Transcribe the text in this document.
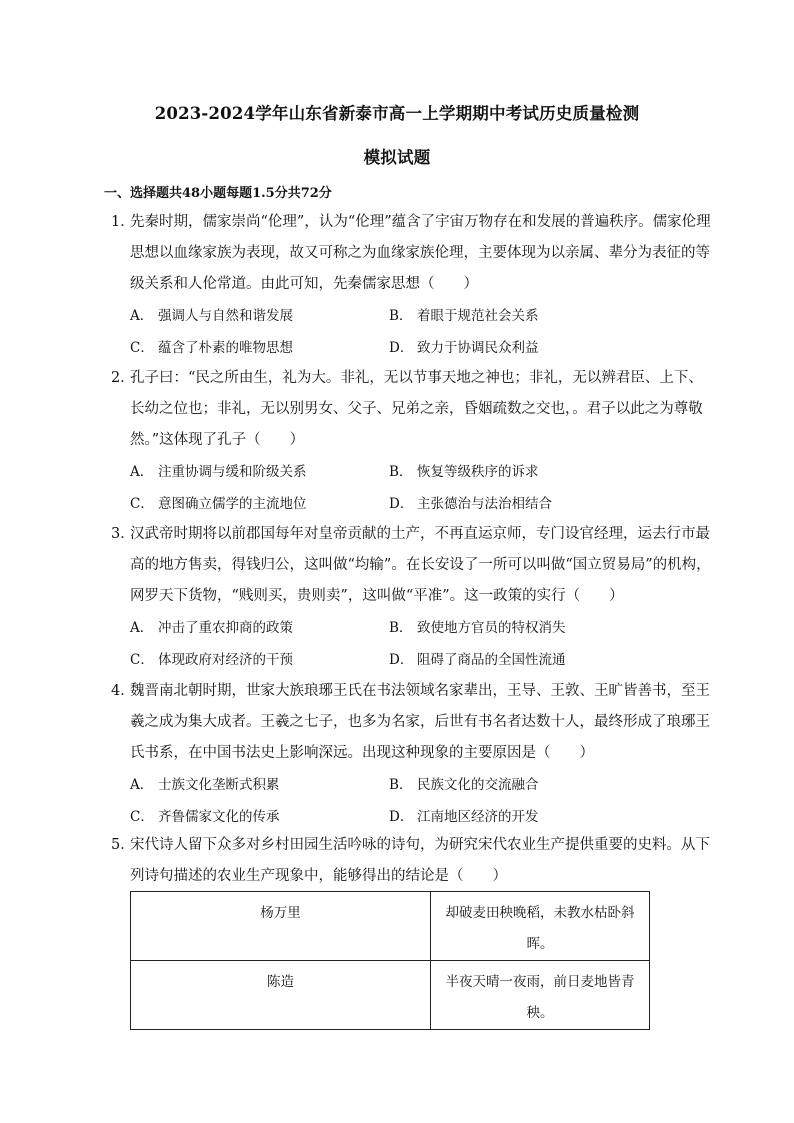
2023-2024学年山东省新泰市高一上学期期中考试历史质量检测
模拟试题
一、选择题共48小题每题1.5分共72分
1．先秦时期，儒家崇尚“伦理”，认为“伦理”蕴含了宇宙万物存在和发展的普遍秩序。儒家伦理
思想以血缘家族为表现，故又可称之为血缘家族伦理，主要体现为以亲属、辈分为表征的等
级关系和人伦常道。由此可知，先秦儒家思想（　　）
A． 强调人与自然和谐发展	B． 着眼于规范社会关系
C． 蕴含了朴素的唯物思想	D． 致力于协调民众利益
2．孔子曰：“民之所由生，礼为大。非礼，无以节事天地之神也；非礼，无以辨君臣、上下、
长幼之位也；非礼，无以别男女、父子、兄弟之亲，昏姻疏数之交也，。君子以此之为尊敬
然。”这体现了孔子（　　）
A． 注重协调与缓和阶级关系	B． 恢复等级秩序的诉求
C． 意图确立儒学的主流地位	D． 主张德治与法治相结合
3．汉武帝时期将以前郡国每年对皇帝贡献的土产，不再直运京师，专门设官经理，运去行市最
高的地方售卖，得钱归公，这叫做“均输”。在长安设了一所可以叫做“国立贸易局”的机构，
网罗天下货物，“贱则买，贵则卖”，这叫做“平准”。这一政策的实行（　　）
A． 冲击了重农抑商的政策	B． 致使地方官员的特权消失
C． 体现政府对经济的干预	D． 阻碍了商品的全国性流通
4．魏晋南北朝时期，世家大族琅琊王氏在书法领域名家辈出，王导、王敦、王旷皆善书，至王
羲之成为集大成者。王羲之七子，也多为名家，后世有书名者达数十人，最终形成了琅琊王
氏书系，在中国书法史上影响深远。出现这种现象的主要原因是（　　）
A． 士族文化垄断式积累	B． 民族文化的交流融合
C． 齐鲁儒家文化的传承	D． 江南地区经济的开发
5．宋代诗人留下众多对乡村田园生活吟咏的诗句，为研究宋代农业生产提供重要的史料。从下
列诗句描述的农业生产现象中，能够得出的结论是（　　）
杨万里	却破麦田秧晚稻，未教水枯卧斜
晖。

陈造	半夜天晴一夜雨，前日麦地皆青
秧。
